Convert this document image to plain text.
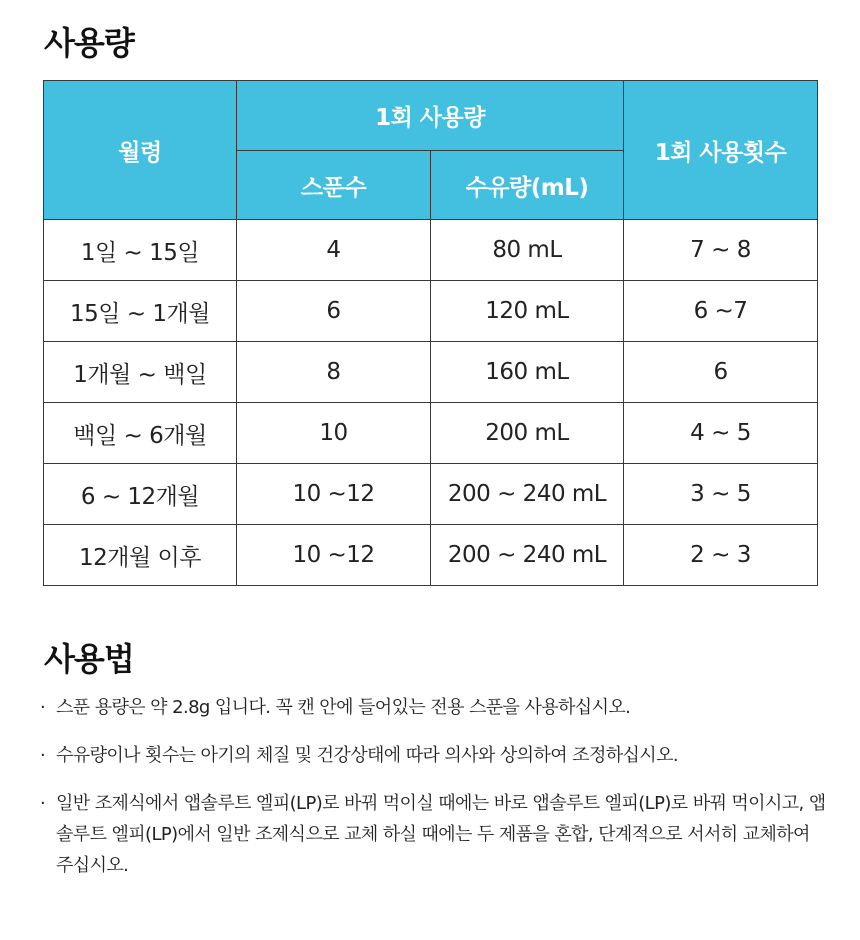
사용량
월령	1회 사용량		1회 사용횟수
	스푼수	수유량(mL)	
1일 ~ 15일	4	80 mL	7 ~ 8
15일 ~ 1개월	6	120 mL	6 ~7
1개월 ~ 백일	8	160 mL	6
백일 ~ 6개월	10	200 mL	4 ~ 5
6 ~ 12개월	10 ~12	200 ~ 240 mL	3 ~ 5
12개월 이후	10 ~12	200 ~ 240 mL	2 ~ 3
사용법
· 스푼 용량은 약 2.8g 입니다. 꼭 캔 안에 들어있는 전용 스푼을 사용하십시오.
· 수유량이나 횟수는 아기의 체질 및 건강상태에 따라 의사와 상의하여 조정하십시오.
· 일반 조제식에서 앱솔루트 엘피(LP)로 바꿔 먹이실 때에는 바로 앱솔루트 엘피(LP)로 바꿔 먹이시고, 앱솔루트 엘피(LP)에서 일반 조제식으로 교체 하실 때에는 두 제품을 혼합, 단계적으로 서서히 교체하여 주십시오.
